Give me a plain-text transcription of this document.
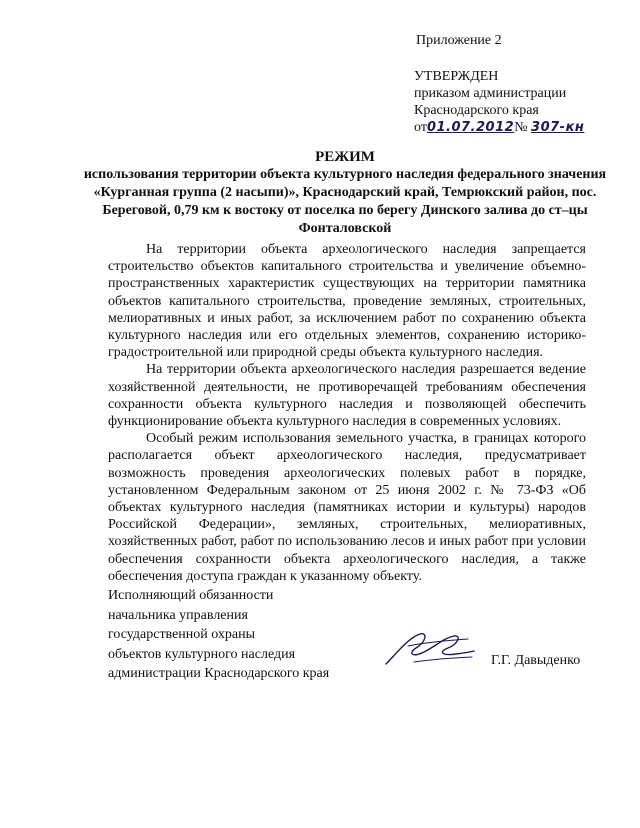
Приложение 2
УТВЕРЖДЕН
приказом администрации
Краснодарского края
от01.07.2012№ 307-кн
РЕЖИМ
использования территории объекта культурного наследия федерального значения «Курганная группа (2 насыпи)», Краснодарский край, Темрюкский район, пос. Береговой, 0,79 км к востоку от поселка по берегу Динского залива до ст–цы Фонталовской

На территории объекта археологического наследия запрещается строительство объектов капитального строительства и увеличение объемно-пространственных характеристик существующих на территории памятника объектов капитального строительства, проведение земляных, строительных, мелиоративных и иных работ, за исключением работ по сохранению объекта культурного наследия или его отдельных элементов, сохранению историко-градостроительной или природной среды объекта культурного наследия.

На территории объекта археологического наследия разрешается ведение хозяйственной деятельности, не противоречащей требованиям обеспечения сохранности объекта культурного наследия и позволяющей обеспечить функционирование объекта культурного наследия в современных условиях.

Особый режим использования земельного участка, в границах которого располагается объект археологического наследия, предусматривает возможность проведения археологических полевых работ в порядке, установленном Федеральным законом от 25 июня 2002 г. № 73-ФЗ «Об объектах культурного наследия (памятниках истории и культуры) народов Российской Федерации», земляных, строительных, мелиоративных, хозяйственных работ, работ по использованию лесов и иных работ при условии обеспечения сохранности объекта археологического наследия, а также обеспечения доступа граждан к указанному объекту.

Исполняющий обязанности
начальника управления
государственной охраны
объектов культурного наследия
администрации Краснодарского края
Г.Г. Давыденко
